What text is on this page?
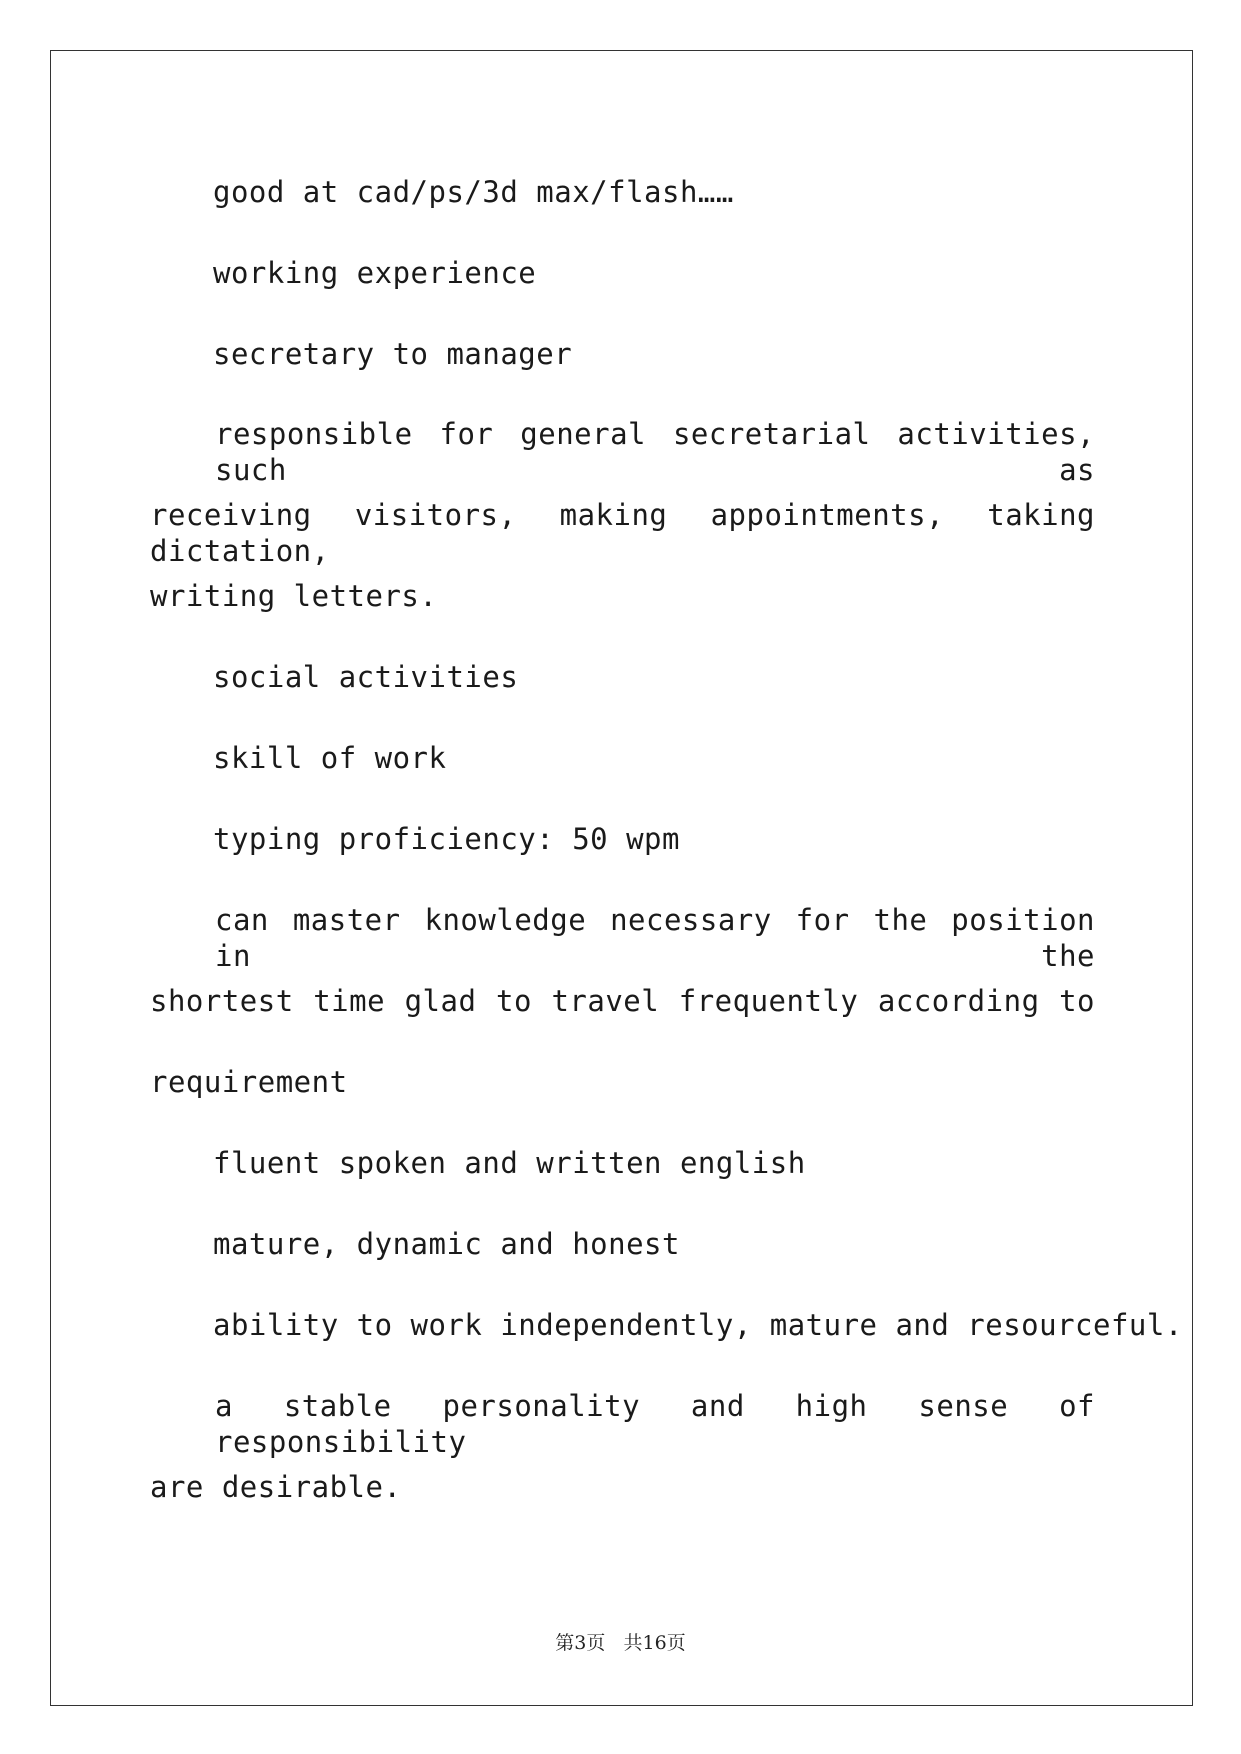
good at cad/ps/3d max/flash……
working experience
secretary to manager
responsible for general secretarial activities, such as
receiving visitors, making appointments, taking dictation,
writing letters.
social activities
skill of work
typing proficiency: 50 wpm
can master knowledge necessary for the position in the
shortest time glad to travel frequently according to
requirement
fluent spoken and written english
mature, dynamic and honest
ability to work independently, mature and resourceful.
a stable personality and high sense of responsibility
are desirable.
第3页 共16页
